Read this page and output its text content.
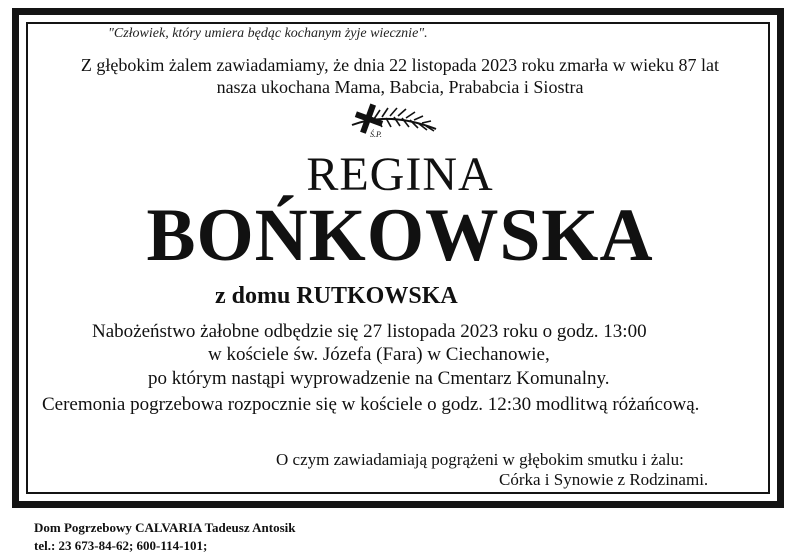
"Człowiek, który umiera będąc kochanym żyje wiecznie".
Z głębokim żalem zawiadamiamy, że dnia 22 listopada 2023 roku zmarła w wieku 87 lat
nasza ukochana Mama, Babcia, Prababcia i Siostra
Ś.P.
REGINA
BOŃKOWSKA
z domu RUTKOWSKA
Nabożeństwo żałobne odbędzie się 27 listopada 2023 roku o godz. 13:00
w kościele św. Józefa (Fara) w Ciechanowie,
po którym nastąpi wyprowadzenie na Cmentarz Komunalny.
Ceremonia pogrzebowa rozpocznie się w kościele o godz. 12:30 modlitwą różańcową.
O czym zawiadamiają pogrążeni w głębokim smutku i żalu:
Córka i Synowie z Rodzinami.
Dom Pogrzebowy CALVARIA Tadeusz Antosik
tel.: 23 673-84-62; 600-114-101;
